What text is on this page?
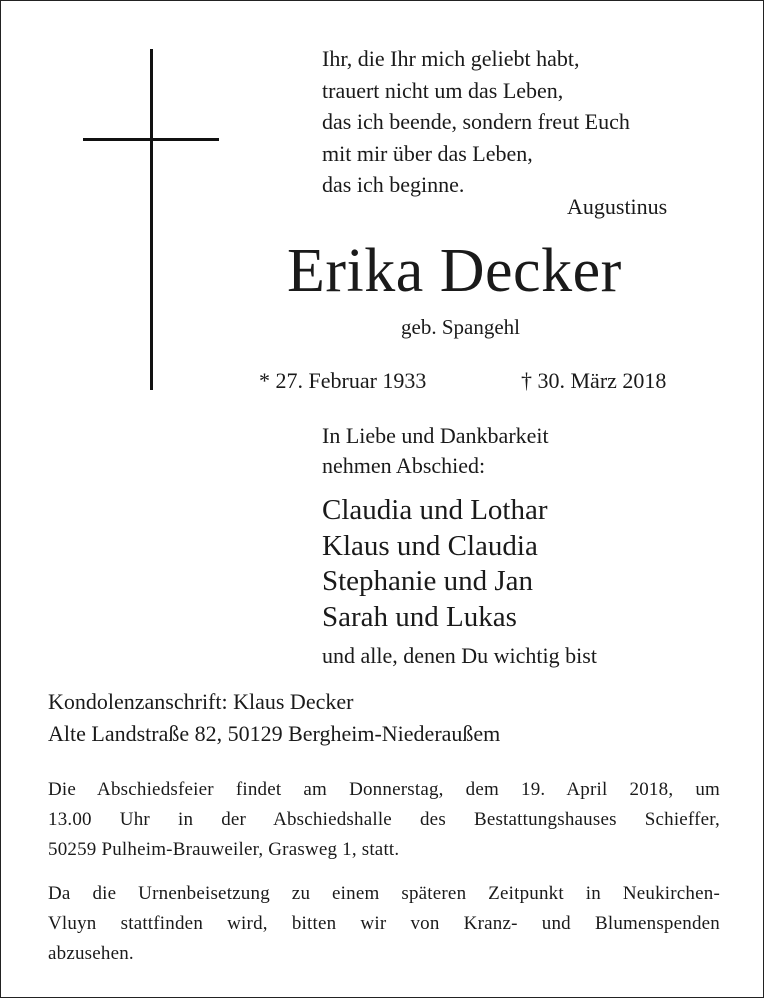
Ihr, die Ihr mich geliebt habt,
trauert nicht um das Leben,
das ich beende, sondern freut Euch
mit mir über das Leben,
das ich beginne.
Augustinus
Erika Decker
geb. Spangehl
* 27. Februar 1933	† 30. März 2018
In Liebe und Dankbarkeit
nehmen Abschied:
Claudia und Lothar
Klaus und Claudia
Stephanie und Jan
Sarah und Lukas
und alle, denen Du wichtig bist
Kondolenzanschrift: Klaus Decker
Alte Landstraße 82, 50129 Bergheim-Niederaußem
Die Abschiedsfeier findet am Donnerstag, dem 19. April 2018, um
13.00 Uhr in der Abschiedshalle des Bestattungshauses Schieffer,
50259 Pulheim-Brauweiler, Grasweg 1, statt.
Da die Urnenbeisetzung zu einem späteren Zeitpunkt in Neukirchen-
Vluyn stattfinden wird, bitten wir von Kranz- und Blumenspenden
abzusehen.
